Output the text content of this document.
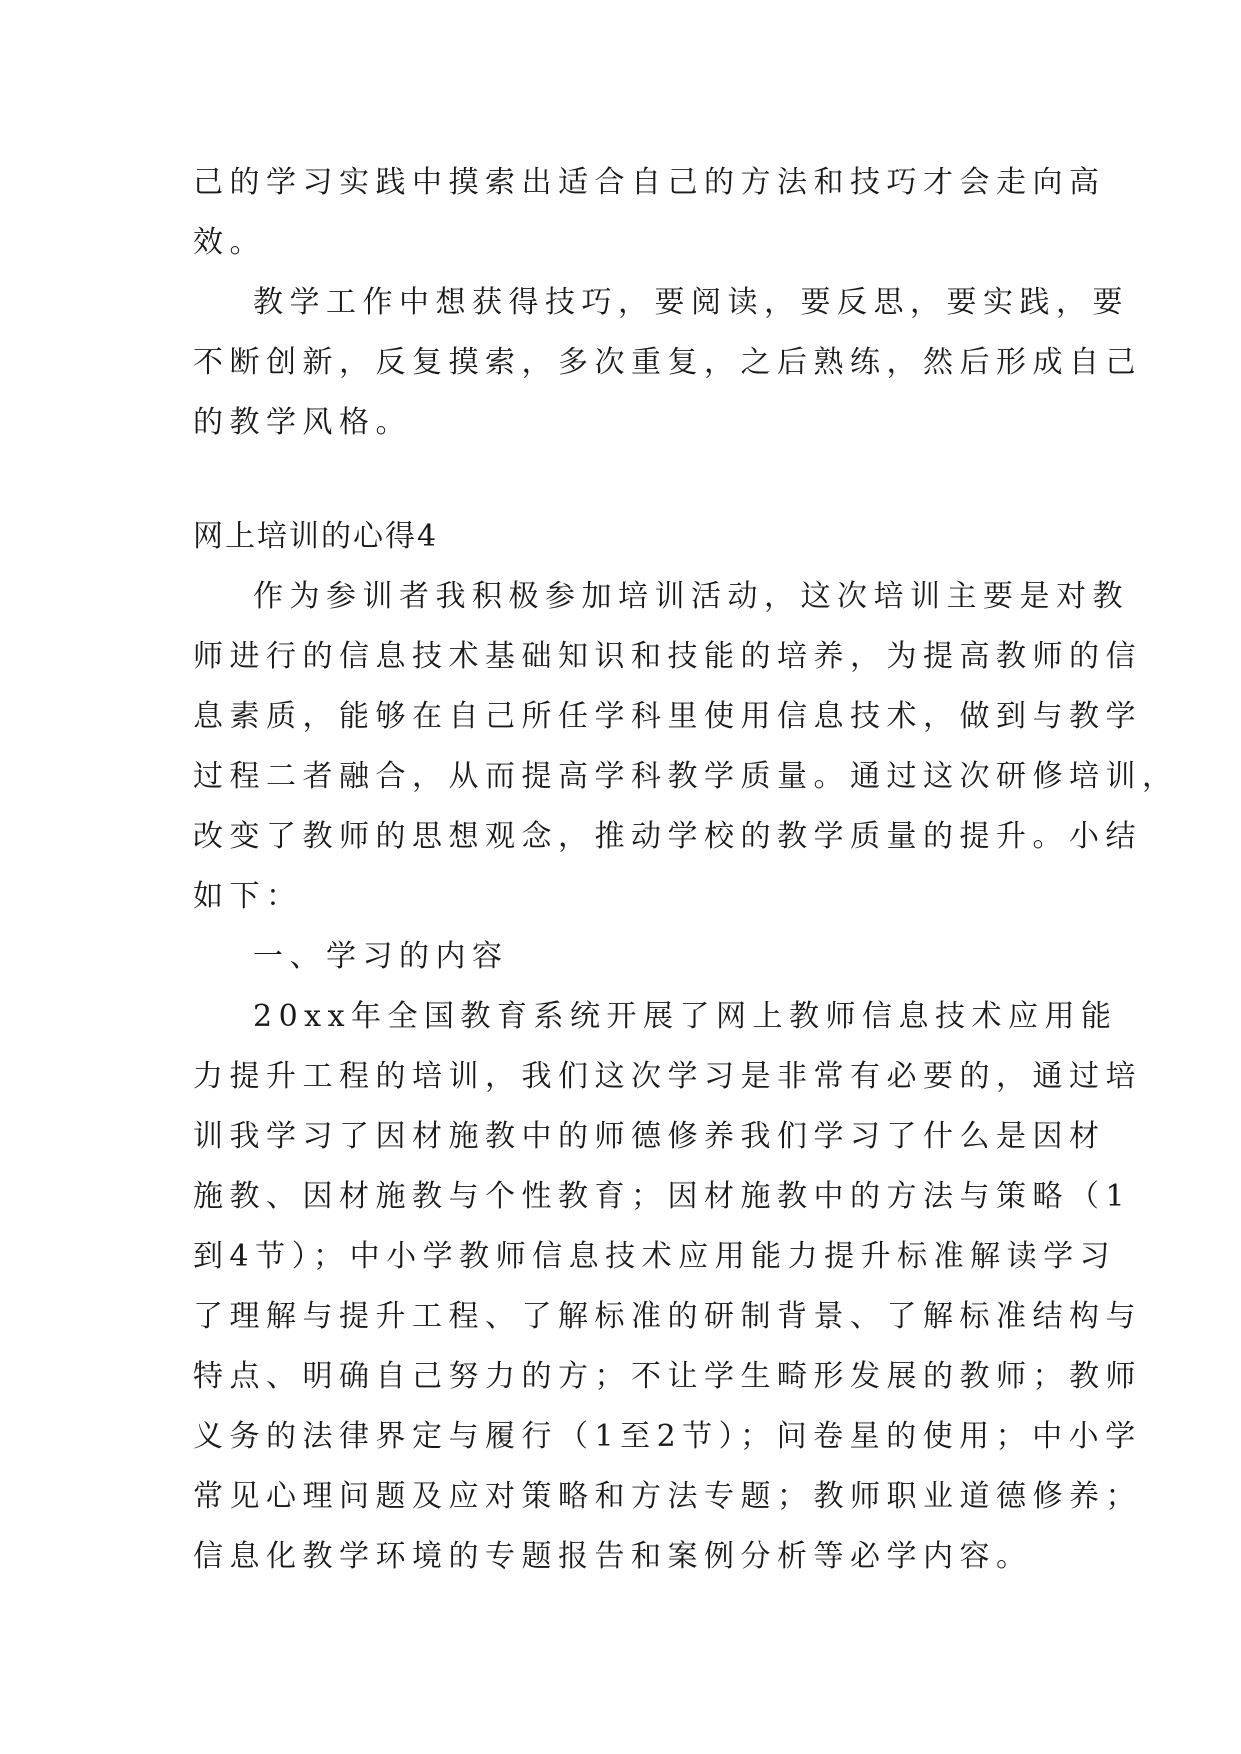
己的学习实践中摸索出适合自己的方法和技巧才会走向高
效。
教学工作中想获得技巧，要阅读，要反思，要实践，要
不断创新，反复摸索，多次重复，之后熟练，然后形成自己
的教学风格。
网上培训的心得4
作为参训者我积极参加培训活动，这次培训主要是对教
师进行的信息技术基础知识和技能的培养，为提高教师的信
息素质，能够在自己所任学科里使用信息技术，做到与教学
过程二者融合，从而提高学科教学质量。通过这次研修培训，
改变了教师的思想观念，推动学校的教学质量的提升。小结
如下：
一、学习的内容
20xx年全国教育系统开展了网上教师信息技术应用能
力提升工程的培训，我们这次学习是非常有必要的，通过培
训我学习了因材施教中的师德修养我们学习了什么是因材
施教、因材施教与个性教育；因材施教中的方法与策略（1
到4节）；中小学教师信息技术应用能力提升标准解读学习
了理解与提升工程、了解标准的研制背景、了解标准结构与
特点、明确自己努力的方；不让学生畸形发展的教师；教师
义务的法律界定与履行（1至2节）；问卷星的使用；中小学
常见心理问题及应对策略和方法专题；教师职业道德修养；
信息化教学环境的专题报告和案例分析等必学内容。
